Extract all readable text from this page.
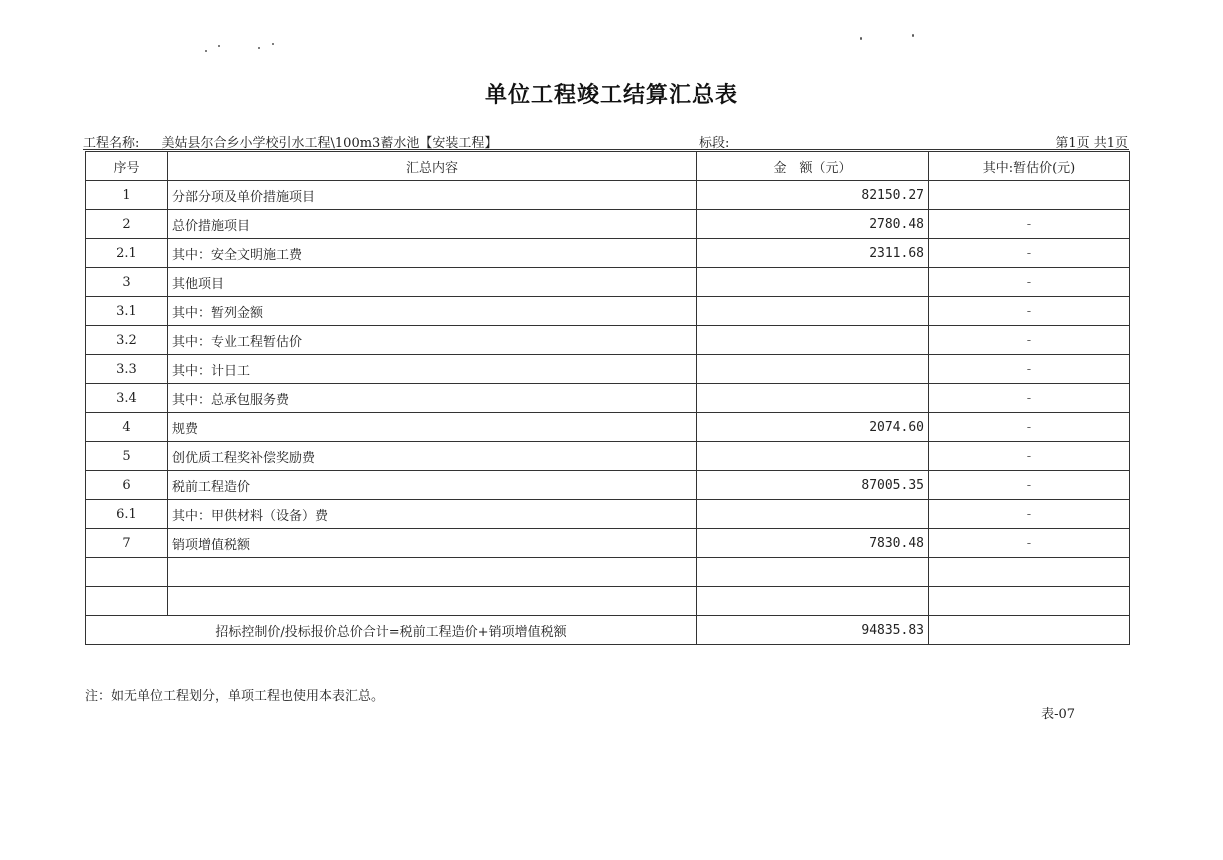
单位工程竣工结算汇总表
工程名称: 美姑县尔合乡小学校引水工程\100m3蓄水池【安装工程】	标段:	第1页 共1页
序号	汇总内容	金　额（元）	其中:暂估价(元)
1	分部分项及单价措施项目	82150.27	
2	总价措施项目	2780.48	-
2.1	其中：安全文明施工费	2311.68	-
3	其他项目		-
3.1	其中：暂列金额		-
3.2	其中：专业工程暂估价		-
3.3	其中：计日工		-
3.4	其中：总承包服务费		-
4	规费	2074.60	-
5	创优质工程奖补偿奖励费		-
6	税前工程造价	87005.35	-
6.1	其中：甲供材料（设备）费		-
7	销项增值税额	7830.48	-

招标控制价/投标报价总价合计=税前工程造价+销项增值税额		94835.83	
注：如无单位工程划分，单项工程也使用本表汇总。
表-07
